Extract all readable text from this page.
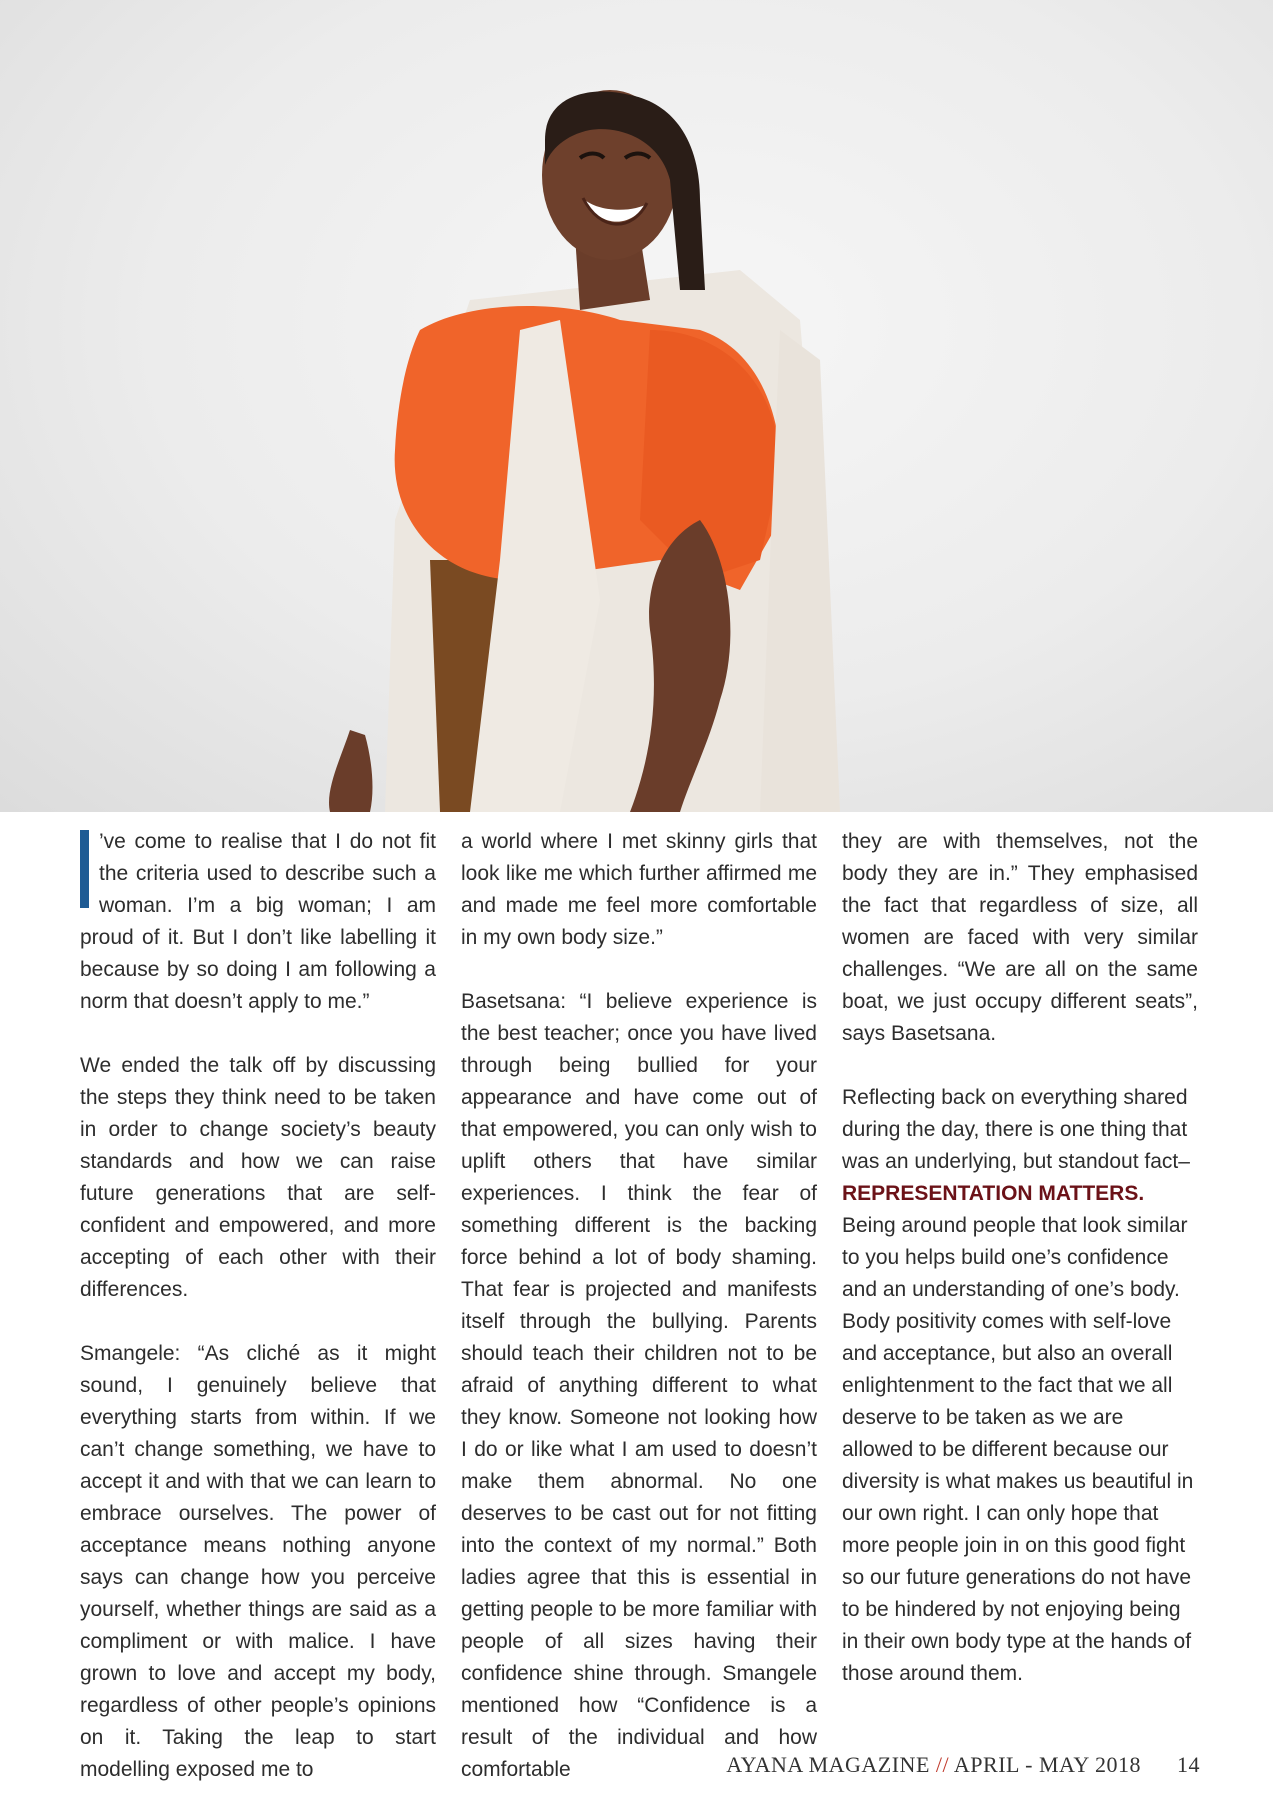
’ve come to realise that I do not fit the criteria used to describe such a woman. I’m a big woman; I am proud of it. But I don’t like labelling it because by so doing I am following a norm that doesn’t apply to me.”

We ended the talk off by discussing the steps they think need to be taken in order to change society’s beauty standards and how we can raise future generations that are self-confident and empowered, and more accepting of each other with their differences.

Smangele: “As cliché as it might sound, I genuinely believe that everything starts from within. If we can’t change something, we have to accept it and with that we can learn to embrace ourselves. The power of acceptance means nothing anyone says can change how you perceive yourself, whether things are said as a compliment or with malice. I have grown to love and accept my body, regardless of other people’s opinions on it. Taking the leap to start modelling exposed me to

a world where I met skinny girls that look like me which further affirmed me and made me feel more comfortable in my own body size.”

Basetsana: “I believe experience is the best teacher; once you have lived through being bullied for your appearance and have come out of that empowered, you can only wish to uplift others that have similar experiences. I think the fear of something different is the backing force behind a lot of body shaming. That fear is projected and manifests itself through the bullying. Parents should teach their children not to be afraid of anything different to what they know. Someone not looking how I do or like what I am used to doesn’t make them abnormal. No one deserves to be cast out for not fitting into the context of my normal.” Both ladies agree that this is essential in getting people to be more familiar with people of all sizes having their confidence shine through. Smangele mentioned how “Confidence is a result of the individual and how comfortable

they are with themselves, not the body they are in.” They emphasised the fact that regardless of size, all women are faced with very similar challenges. “We are all on the same boat, we just occupy different seats”, says Basetsana.

Reflecting back on everything shared during the day, there is one thing that was an underlying, but standout fact–REPRESENTATION MATTERS. Being around people that look similar to you helps build one’s confidence and an understanding of one’s body. Body positivity comes with self-love and acceptance, but also an overall enlightenment to the fact that we all deserve to be taken as we are allowed to be different because our diversity is what makes us beautiful in our own right. I can only hope that more people join in on this good fight so our future generations do not have to be hindered by not enjoying being in their own body type at the hands of those around them.

AYANA MAGAZINE // APRIL - MAY 2018 14
